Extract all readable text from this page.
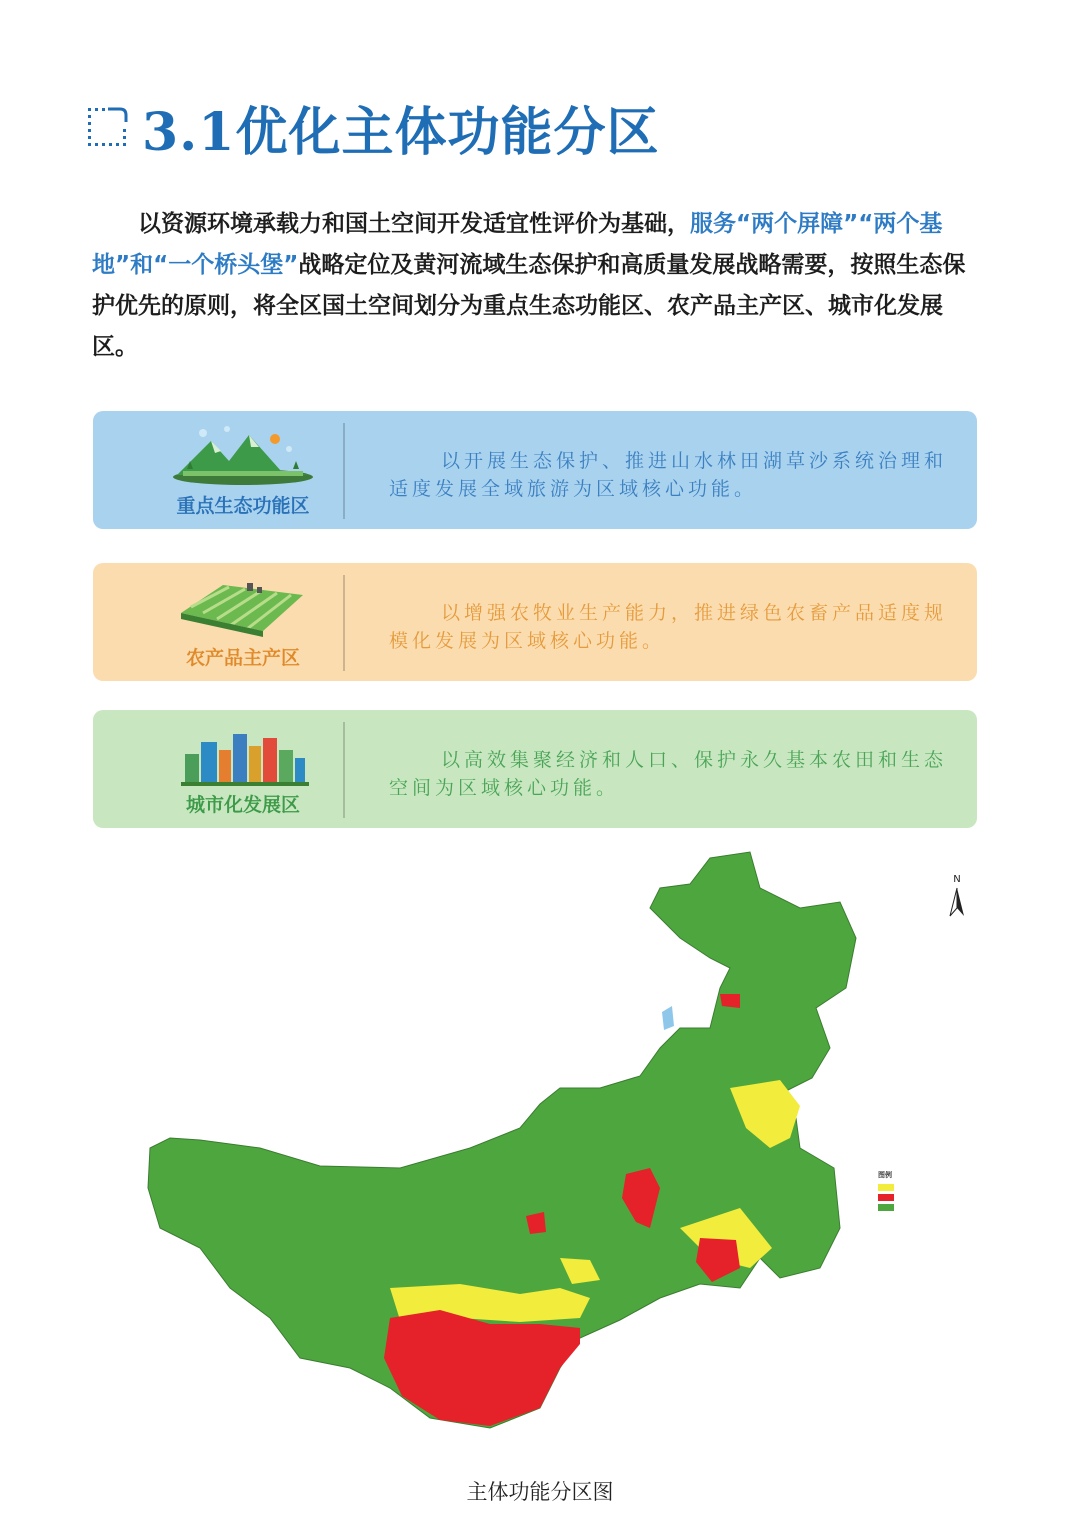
3.1优化主体功能分区

以资源环境承载力和国土空间开发适宜性评价为基础，服务“两个屏障”“两个基地”和“一个桥头堡”战略定位及黄河流域生态保护和高质量发展战略需要，按照生态保护优先的原则，将全区国土空间划分为重点生态功能区、农产品主产区、城市化发展区。

重点生态功能区
以开展生态保护、推进山水林田湖草沙系统治理和适度发展全域旅游为区域核心功能。
农产品主产区
以增强农牧业生产能力，推进绿色农畜产品适度规模化发展为区域核心功能。
城市化发展区
以高效集聚经济和人口、保护永久基本农田和生态空间为区域核心功能。
N
图例
主体功能分区图
